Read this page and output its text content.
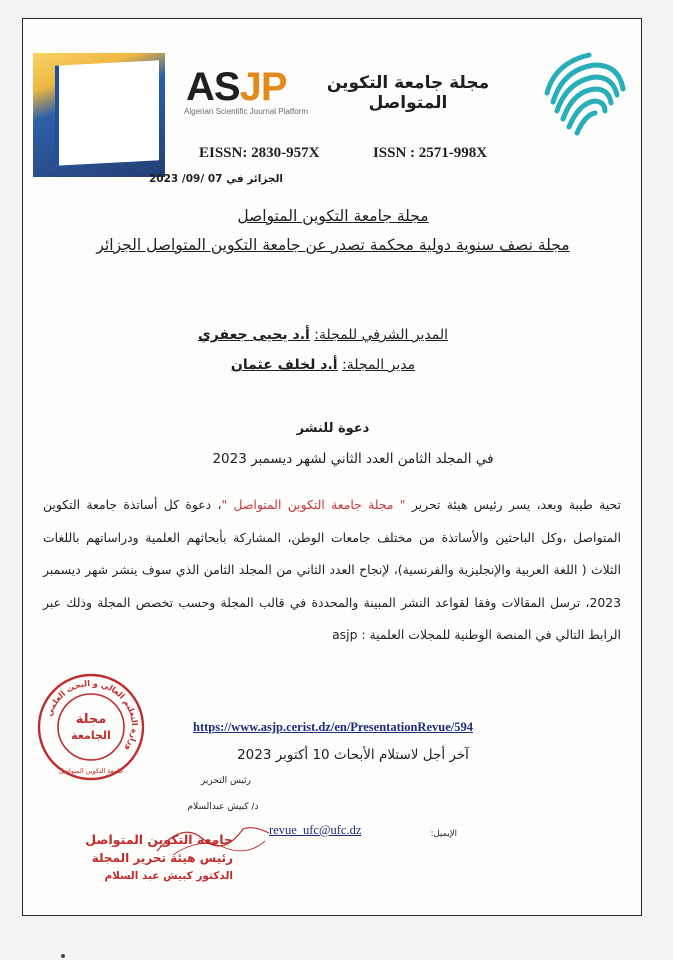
ASJP
Algerian Scientific Journal Platform
مجلة جامعة التكوين المتواصل
EISSN: 2830-957X	ISSN : 2571-998X
الجزائر في 07 /09/ 2023
مجلة جامعة التكوين المتواصل
مجلة نصف سنوية دولية محكمة تصدر عن جامعة التكوين المتواصل الجزائر
المدير الشرفي للمجلة: أ.د يحيى جعفري
مدير المجلة: أ.د لخلف عثمان
دعوة للنشر
في المجلد الثامن العدد الثاني لشهر ديسمبر 2023
تحية طيبة وبعد، يسر رئيس هيئة تحرير " مجلة جامعة التكوين المتواصل "، دعوة كل أساتذة جامعة التكوين المتواصل ،وكل الباحثين والأساتذة من مختلف جامعات الوطن، المشاركة بأبحاثهم العلمية ودراساتهم باللغات الثلاث ( اللغة العربية والإنجليزية والفرنسية)، لإنجاح العدد الثاني من المجلد الثامن الذي سوف ينشر شهر ديسمبر 2023، ترسل المقالات وفقا لقواعد النشر المبينة والمحددة في قالب المجلة وحسب تخصص المجلة وذلك عبر الرابط التالي في المنصة الوطنية للمجلات العلمية asjp :
https://www.asjp.cerist.dz/en/PresentationRevue/594
آخر أجل لاستلام الأبحاث 10 أكتوبر 2023
وزارة التعليم العالي و البحث العلمي
مجلة
الجامعة
جامعة التكوين المتواصل
رئيس التحرير
د/ كبيش عبدالسلام
جامعة التكوين المتواصل
رئيس هيئة تحرير المجلة
الدكتور كبيش عبد السلام
الإيميل:
revue_ufc@ufc.dz
